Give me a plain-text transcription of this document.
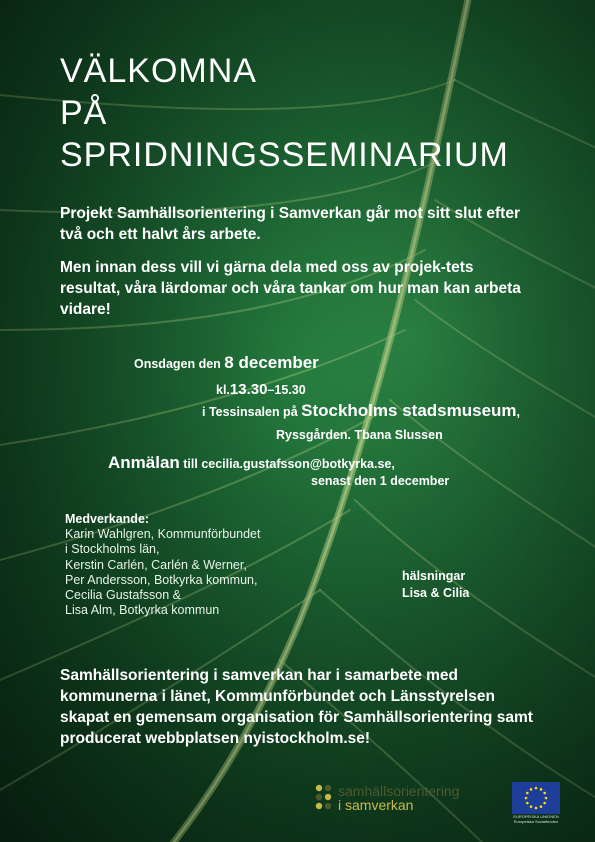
VÄLKOMNA
PÅ
SPRIDNINGSSEMINARIUM
Projekt Samhällsorientering i Samverkan går mot sitt slut efter två och ett halvt års arbete.
Men innan dess vill vi gärna dela med oss av projek-tets resultat, våra lärdomar och våra tankar om hur man kan arbeta vidare!
Onsdagen den 8 december
kl.13.30–15.30
i Tessinsalen på Stockholms stadsmuseum,
Ryssgården. Tbana Slussen
Anmälan till cecilia.gustafsson@botkyrka.se,
senast den 1 december
Medverkande:
Karin Wahlgren, Kommunförbundet
i Stockholms län,
Kerstin Carlén, Carlén & Werner,
Per Andersson, Botkyrka kommun,
Cecilia Gustafsson &
Lisa Alm, Botkyrka kommun
hälsningar
Lisa & Cilia
Samhällsorientering i samverkan har i samarbete med kommunerna i länet, Kommunförbundet och Länsstyrelsen skapat en gemensam organisation för Samhällsorientering samt producerat webbplatsen nyistockholm.se!
samhällsorientering
i samverkan
EUROPEISKA UNIONEN
Europeiska Socialfonden
